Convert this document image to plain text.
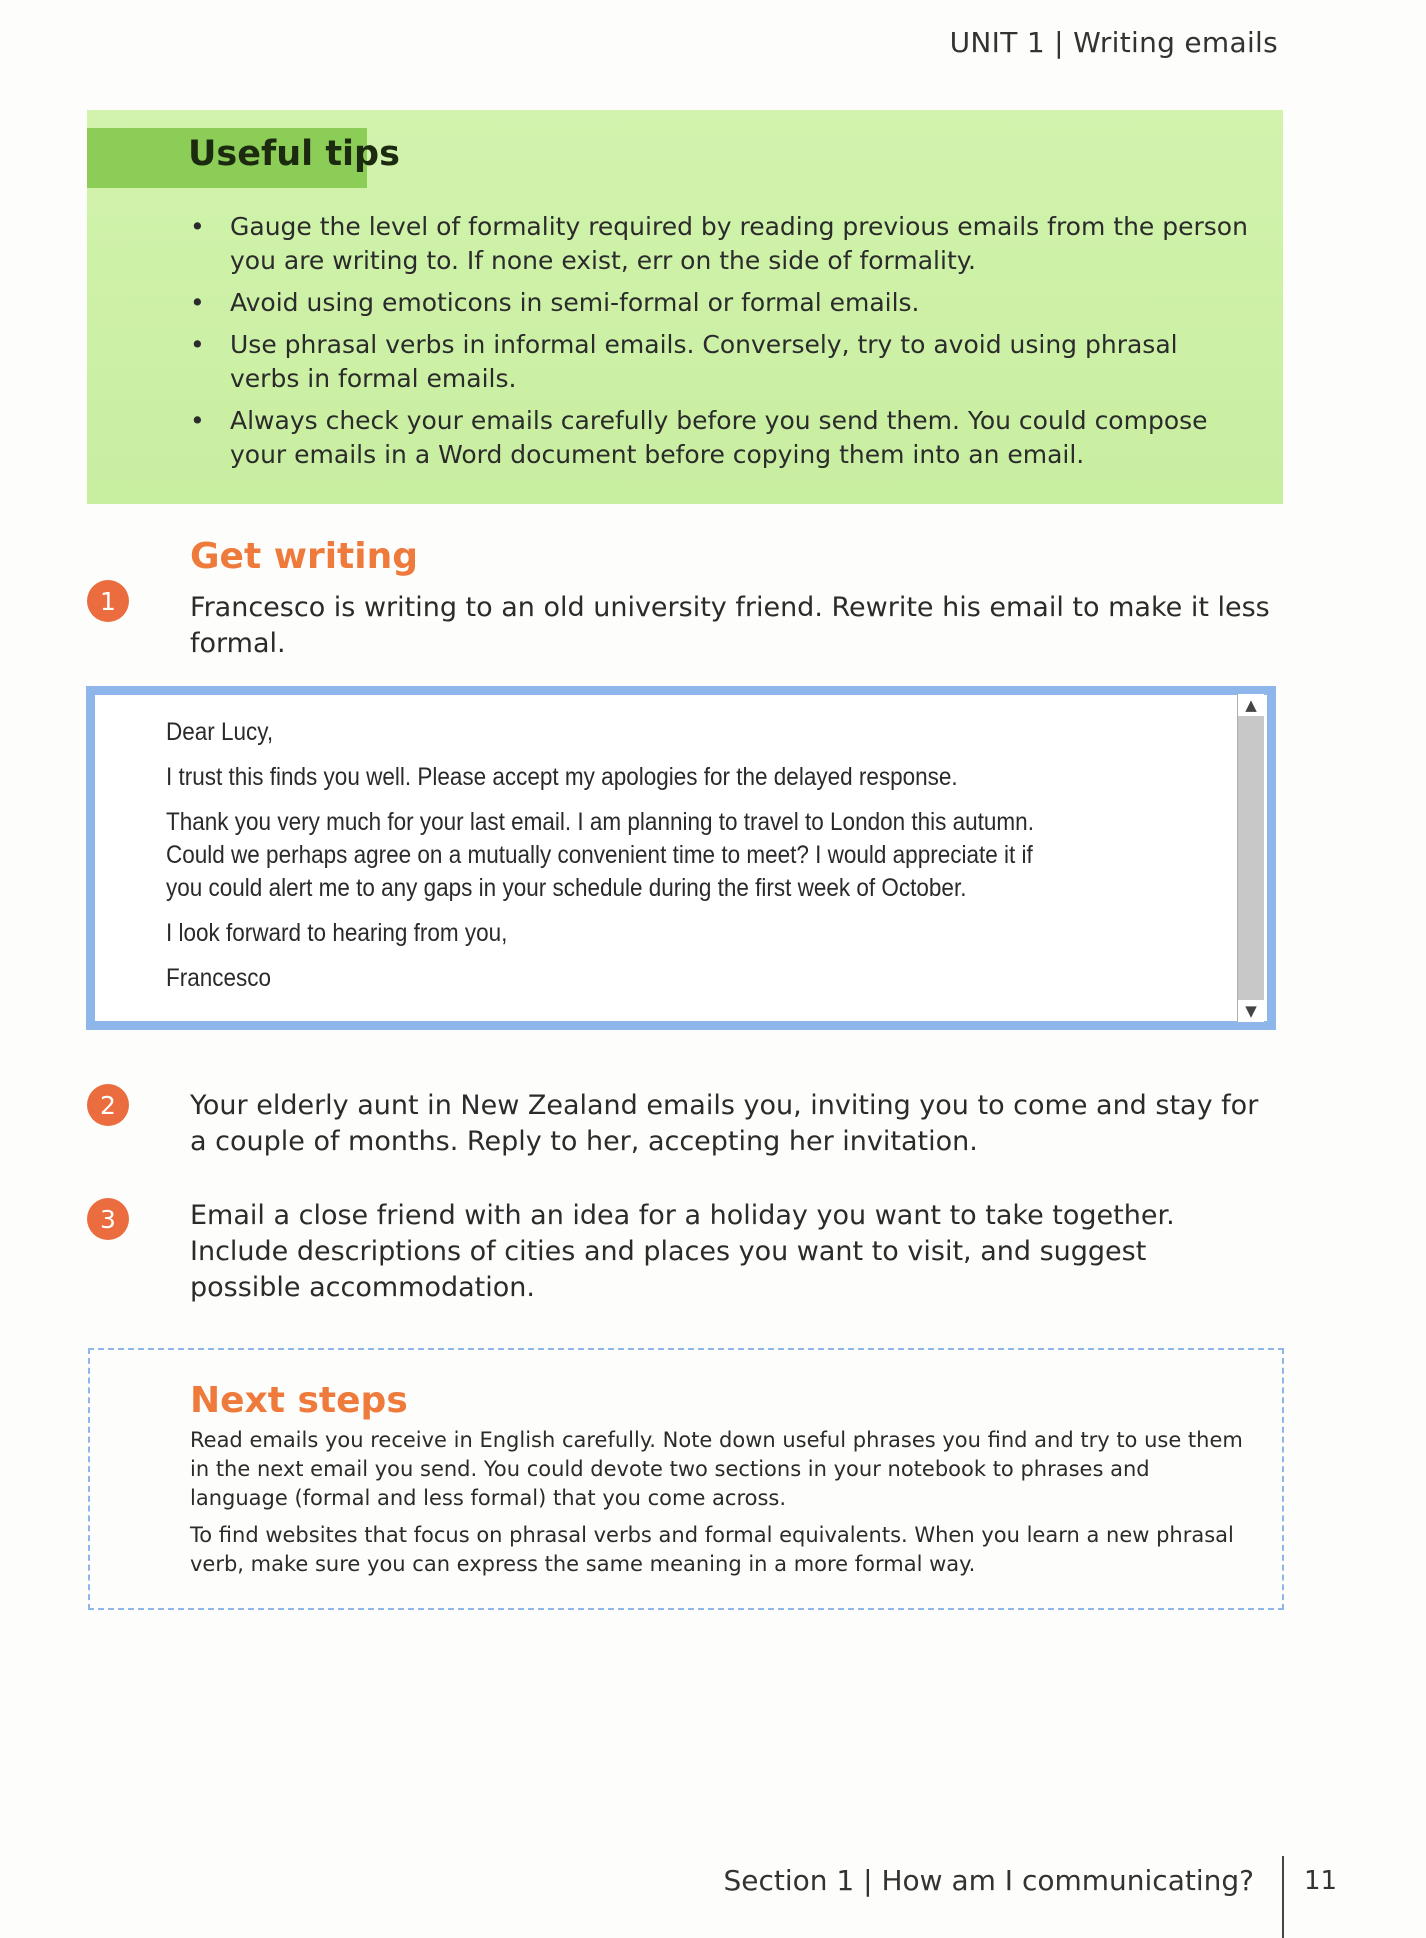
UNIT 1 | Writing emails
Useful tips
• Gauge the level of formality required by reading previous emails from the person you are writing to. If none exist, err on the side of formality.
• Avoid using emoticons in semi-formal or formal emails.
• Use phrasal verbs in informal emails. Conversely, try to avoid using phrasal verbs in formal emails.
• Always check your emails carefully before you send them. You could compose your emails in a Word document before copying them into an email.
Get writing
1	Francesco is writing to an old university friend. Rewrite his email to make it less formal.

Dear Lucy,

I trust this finds you well. Please accept my apologies for the delayed response.

Thank you very much for your last email. I am planning to travel to London this autumn. Could we perhaps agree on a mutually convenient time to meet? I would appreciate it if you could alert me to any gaps in your schedule during the first week of October.

I look forward to hearing from you,

Francesco

▲
▼
2	Your elderly aunt in New Zealand emails you, inviting you to come and stay for a couple of months. Reply to her, accepting her invitation.
3	Email a close friend with an idea for a holiday you want to take together. Include descriptions of cities and places you want to visit, and suggest possible accommodation.
Next steps

Read emails you receive in English carefully. Note down useful phrases you find and try to use them in the next email you send. You could devote two sections in your notebook to phrases and language (formal and less formal) that you come across.

To find websites that focus on phrasal verbs and formal equivalents. When you learn a new phrasal verb, make sure you can express the same meaning in a more formal way.

Section 1 | How am I communicating? 11
